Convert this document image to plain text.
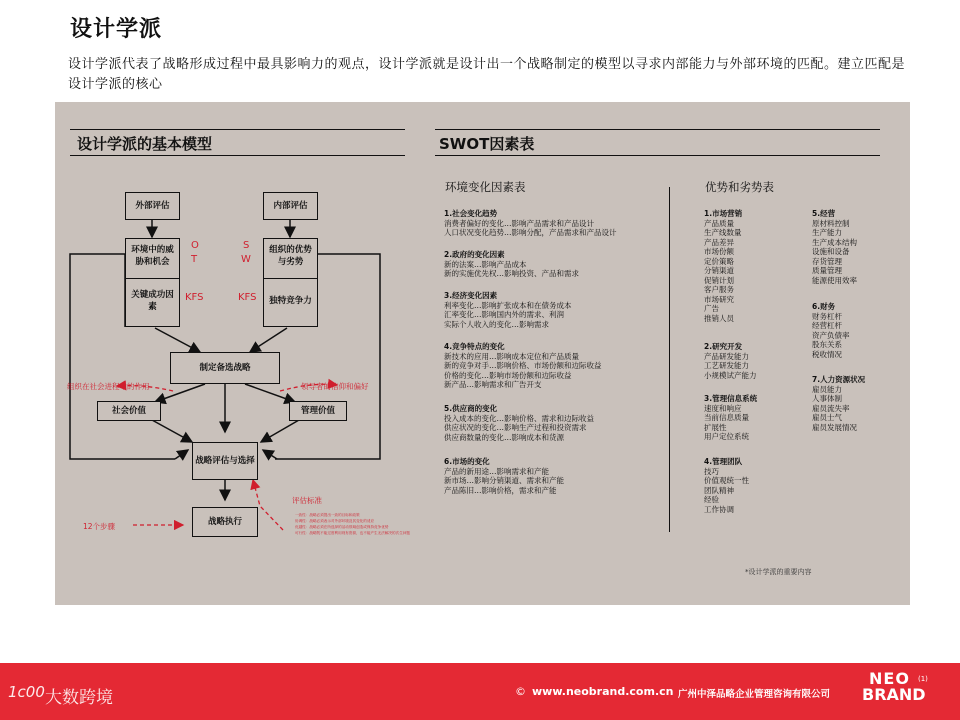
设计学派
设计学派代表了战略形成过程中最具影响力的观点，设计学派就是设计出一个战略制定的模型以寻求内部能力与外部环境的匹配。建立匹配是设计学派的核心
设计学派的基本模型
外部评估	内部评估
环境中的威胁和机会
关键成功因素
组织的优势与劣势
独特竞争力
O
T
S
W
KFS	KFS
制定备选战略
社会价值	管理价值
组织在社会进程中的作用	领导者的信仰和偏好
战略评估与选择
战略执行
评估标准
12个步骤
一致性：战略必须提出一致的目标和政策
协调性：战略必须表示对外部环境及其变化的适应
优越性：战略必须在所选择的活动领域创造或保持竞争优势
可行性：战略既不能过度利用现有资源，也不能产生无法解决的次生问题
SWOT因素表
环境变化因素表	优势和劣势表
1.社会变化趋势
消费者偏好的变化…影响产品需求和产品设计
人口状况变化趋势…影响分配，产品需求和产品设计
2.政府的变化因素
新的法案…影响产品成本
新的实施优先权…影响投资、产品和需求
3.经济变化因素
利率变化…影响扩张成本和在债务成本
汇率变化…影响国内外的需求、利润
实际个人收入的变化…影响需求
4.竞争特点的变化
新技术的应用…影响成本定位和产品质量
新的竞争对手…影响价格、市场份额和边际收益
价格的变化…影响市场份额和边际收益
新产品…影响需求和广告开支
5.供应商的变化
投入成本的变化…影响价格、需求和边际收益
供应状况的变化…影响生产过程和投资需求
供应商数量的变化…影响成本和货源
6.市场的变化
产品的新用途…影响需求和产能
新市场…影响分销渠道、需求和产能
产品陈旧…影响价格，需求和产能
1.市场营销
产品质量
生产线数量
产品差异
市场份额
定价策略
分销渠道
促销计划
客户服务
市场研究
广告
推销人员
2.研究开发
产品研发能力
工艺研发能力
小规模试产能力
3.管理信息系统
速度和响应
当前信息质量
扩展性
用户定位系统
4.管理团队
技巧
价值观统一性
团队精神
经验
工作协调
5.经营
原材料控制
生产能力
生产成本结构
设施和设备
存货管理
质量管理
能源使用效率
6.财务
财务杠杆
经营杠杆
资产负债率
股东关系
税收情况
7.人力资源状况
雇员能力
人事体制
雇员流失率
雇员士气
雇员发展情况
*设计学派的重要内容
1c00 大数跨境	© www.neobrand.com.cn 广州中泽品略企业管理咨询有限公司
NEO
BRAND
(1)
